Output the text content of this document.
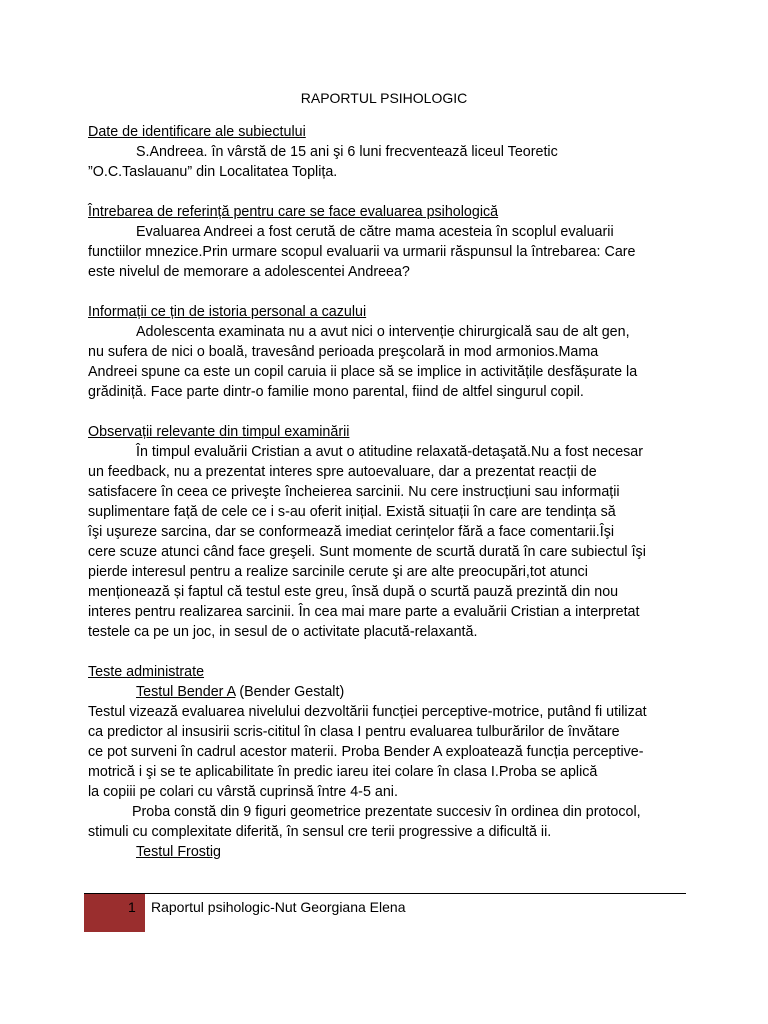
RAPORTUL PSIHOLOGIC
Date de identificare ale subiectului
S.Andreea. în vârstă de 15 ani şi 6 luni frecventează liceul Teoretic
”O.C.Taslauanu” din Localitatea Toplița.
Întrebarea de referință pentru care se face evaluarea psihologică
Evaluarea Andreei a fost cerută de către mama acesteia în scoplul evaluarii
functiilor mnezice.Prin urmare scopul evaluarii va urmarii răspunsul la întrebarea: Care
este nivelul de memorare a adolescentei Andreea?
Informații ce țin de istoria personal a cazului
Adolescenta examinata nu a avut nici o intervenție chirurgicală sau de alt gen,
nu sufera de nici o boală, travesând perioada preşcolară in mod armonios.Mama
Andreei spune ca este un copil caruia ii place să se implice in activitățile desfășurate la
grădiniță. Face parte dintr-o familie mono parental, fiind de altfel singurul copil.
Observații relevante din timpul examinării
În timpul evaluării Cristian a avut o atitudine relaxată-detaşată.Nu a fost necesar
un feedback, nu a prezentat interes spre autoevaluare, dar a prezentat reacții de
satisfacere în ceea ce priveşte încheierea sarcinii. Nu cere instrucțiuni sau informații
suplimentare față de cele ce i s-au oferit inițial. Există situații în care are tendința să
îşi uşureze sarcina, dar se conformează imediat cerințelor fără a face comentarii.Îşi
cere scuze atunci când face greşeli. Sunt momente de scurtă durată în care subiectul îşi
pierde interesul pentru a realize sarcinile cerute şi are alte preocupări,tot atunci
menționează și faptul că testul este greu, însă după o scurtă pauză prezintă din nou
interes pentru realizarea sarcinii. În cea mai mare parte a evaluării Cristian a interpretat
testele ca pe un joc, in sesul de o activitate placută-relaxantă.
Teste administrate
Testul Bender A (Bender Gestalt)
Testul vizează evaluarea nivelului dezvoltării funcției perceptive-motrice, putând fi utilizat
ca predictor al insusirii scris-cititul în clasa I pentru evaluarea tulburărilor de învătare
ce pot surveni în cadrul acestor materii. Proba Bender A exploatează funcția perceptive-
motrică i şi se te aplicabilitate în predic iareu itei colare în clasa I.Proba se aplică
la copiii pe colari cu vârstă cuprinsă între 4-5 ani.
Proba constă din 9 figuri geometrice prezentate succesiv în ordinea din protocol,
stimuli cu complexitate diferită, în sensul cre terii progressive a dificultă ii.
Testul Frostig
1 Raportul psihologic-Nut Georgiana Elena
